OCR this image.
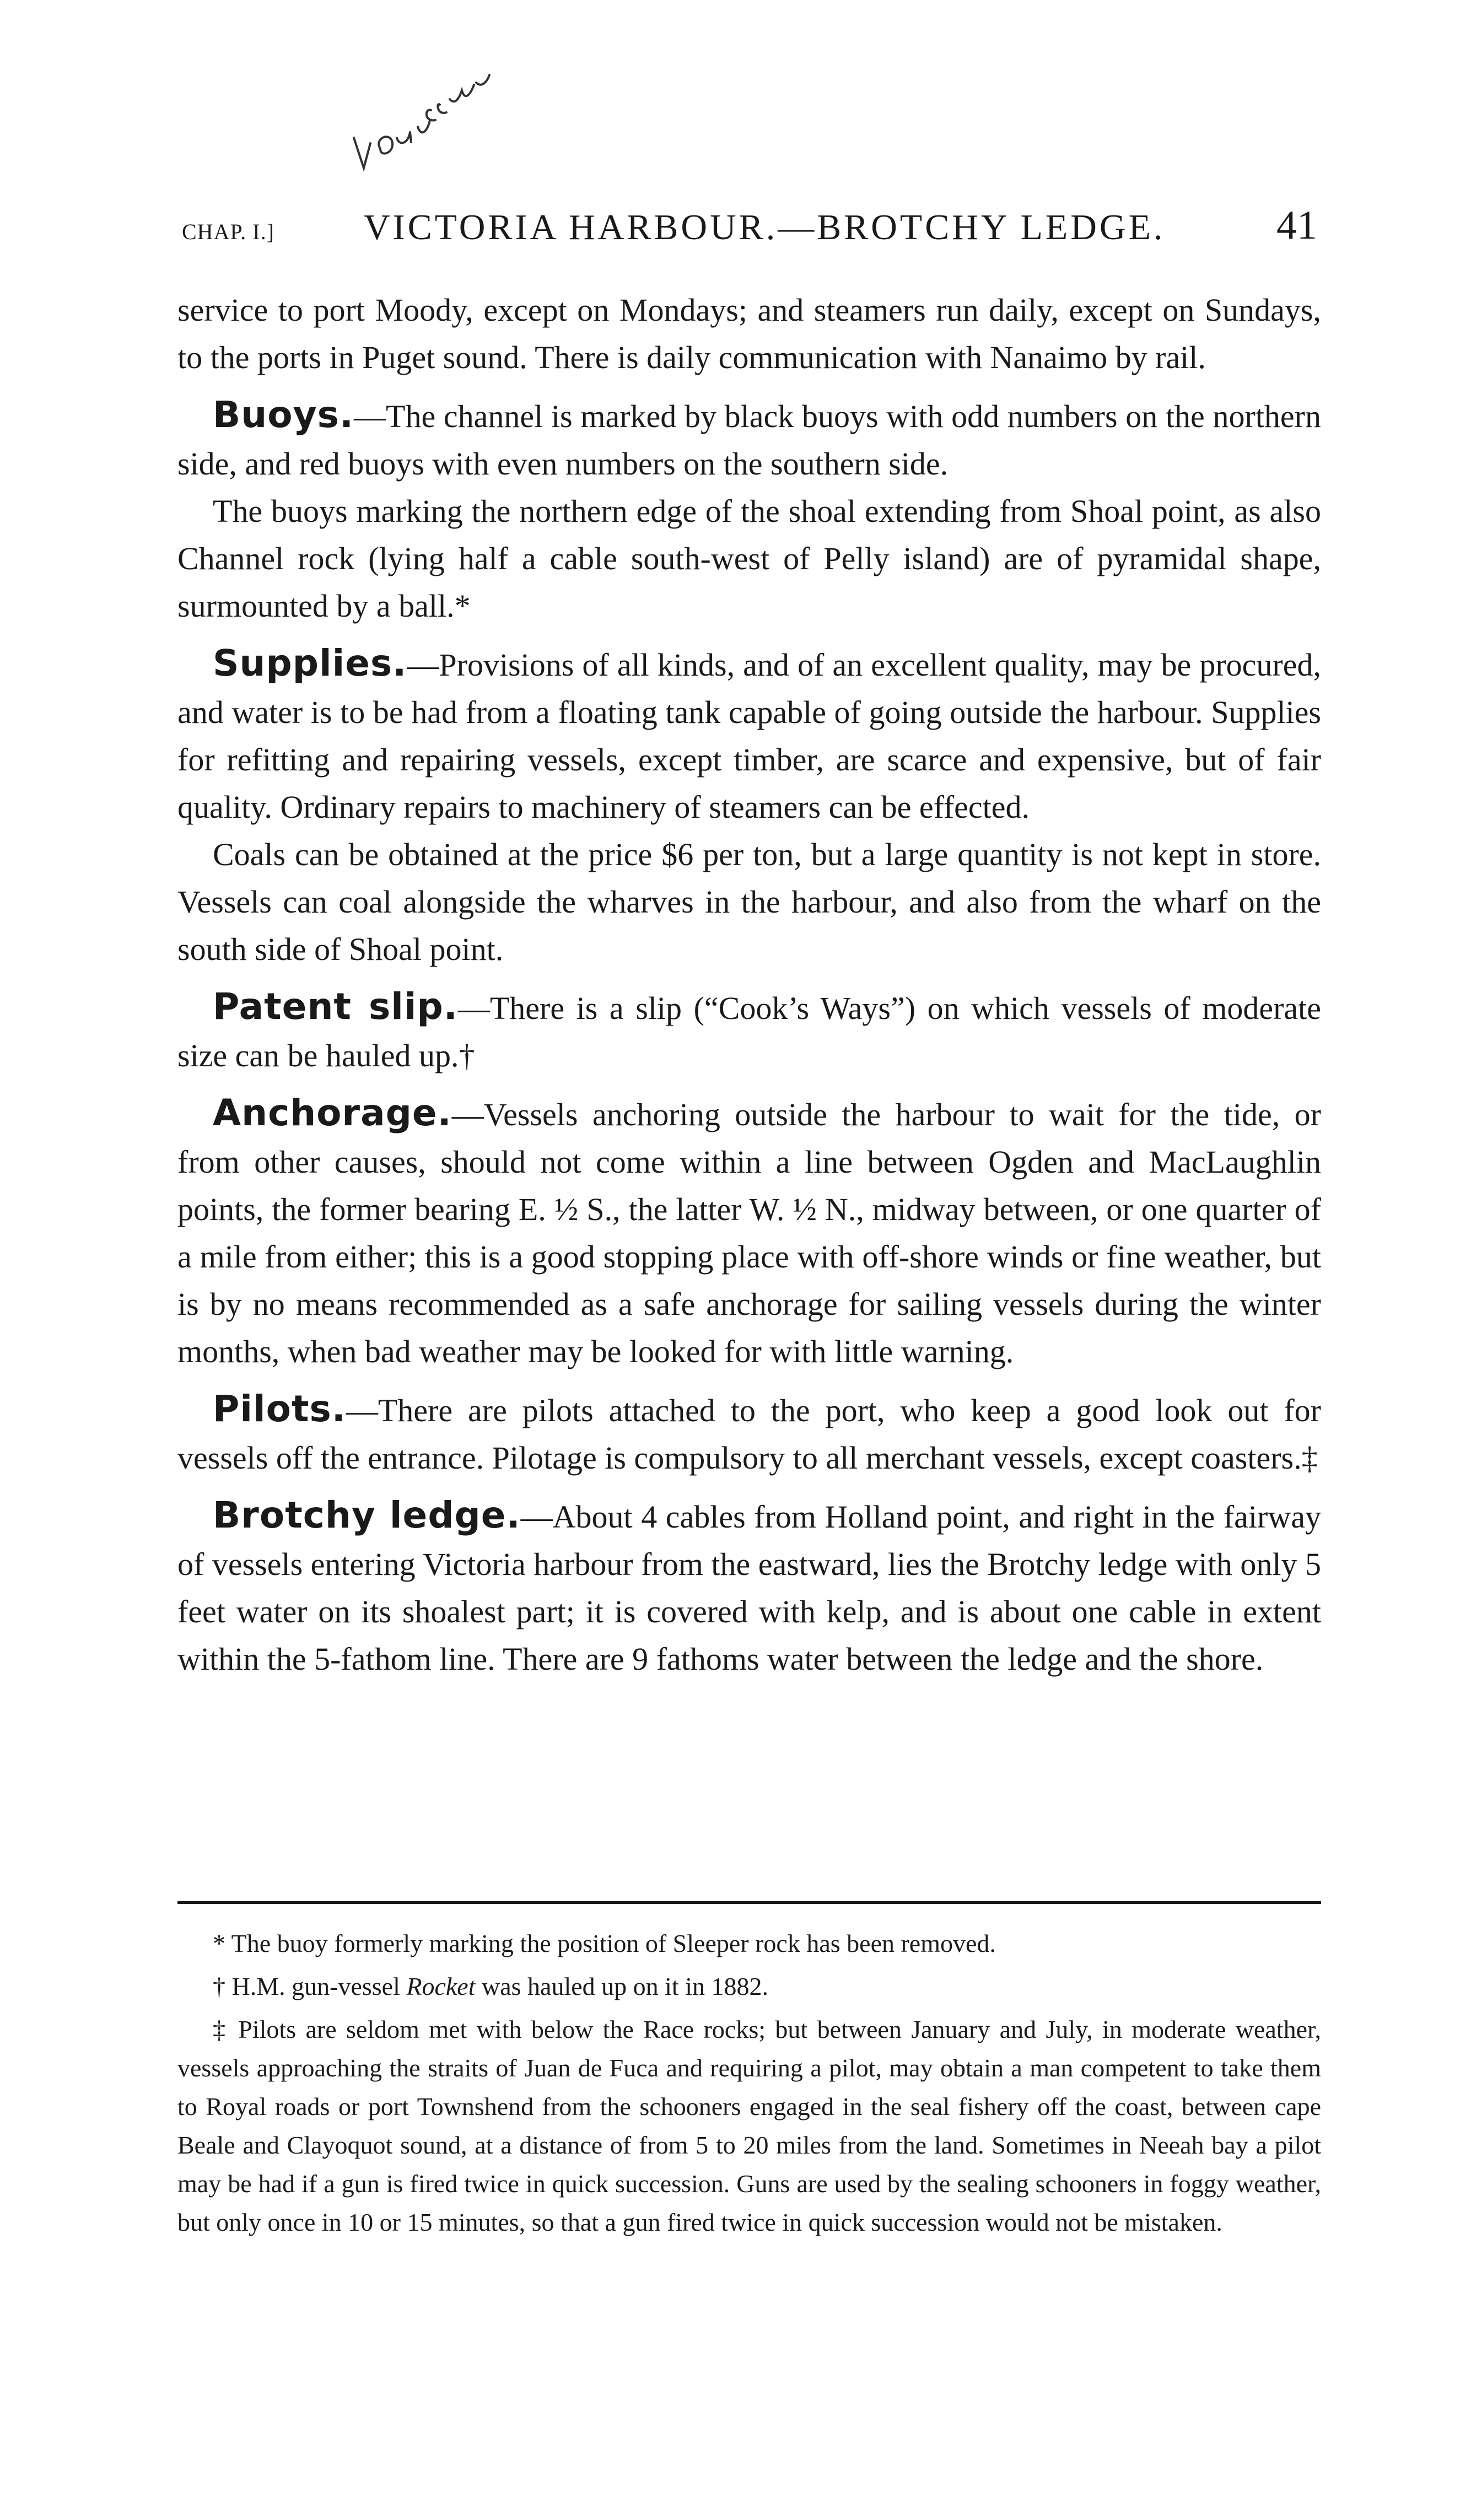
CHAP. I.] VICTORIA HARBOUR.—BROTCHY LEDGE.	41

service to port Moody, except on Mondays; and steamers run daily, except on Sundays, to the ports in Puget sound. There is daily communication with Nanaimo by rail.

Buoys.—The channel is marked by black buoys with odd numbers on the northern side, and red buoys with even numbers on the southern side.

The buoys marking the northern edge of the shoal extending from Shoal point, as also Channel rock (lying half a cable south-west of Pelly island) are of pyramidal shape, surmounted by a ball.*

Supplies.—Provisions of all kinds, and of an excellent quality, may be procured, and water is to be had from a floating tank capable of going outside the harbour. Supplies for refitting and repairing vessels, except timber, are scarce and expensive, but of fair quality. Ordinary repairs to machinery of steamers can be effected.

Coals can be obtained at the price $6 per ton, but a large quantity is not kept in store. Vessels can coal alongside the wharves in the harbour, and also from the wharf on the south side of Shoal point.

Patent slip.—There is a slip (“Cook’s Ways”) on which vessels of moderate size can be hauled up.†

Anchorage.—Vessels anchoring outside the harbour to wait for the tide, or from other causes, should not come within a line between Ogden and MacLaughlin points, the former bearing E. ½ S., the latter W. ½ N., midway between, or one quarter of a mile from either; this is a good stopping place with off-shore winds or fine weather, but is by no means recommended as a safe anchorage for sailing vessels during the winter months, when bad weather may be looked for with little warning.

Pilots.—There are pilots attached to the port, who keep a good look out for vessels off the entrance. Pilotage is compulsory to all merchant vessels, except coasters.‡

Brotchy ledge.—About 4 cables from Holland point, and right in the fairway of vessels entering Victoria harbour from the eastward, lies the Brotchy ledge with only 5 feet water on its shoalest part; it is covered with kelp, and is about one cable in extent within the 5-fathom line. There are 9 fathoms water between the ledge and the shore.

* The buoy formerly marking the position of Sleeper rock has been removed.

† H.M. gun-vessel Rocket was hauled up on it in 1882.

‡ Pilots are seldom met with below the Race rocks; but between January and July, in moderate weather, vessels approaching the straits of Juan de Fuca and requiring a pilot, may obtain a man competent to take them to Royal roads or port Townshend from the schooners engaged in the seal fishery off the coast, between cape Beale and Clayoquot sound, at a distance of from 5 to 20 miles from the land. Sometimes in Neeah bay a pilot may be had if a gun is fired twice in quick succession. Guns are used by the sealing schooners in foggy weather, but only once in 10 or 15 minutes, so that a gun fired twice in quick succession would not be mistaken.
